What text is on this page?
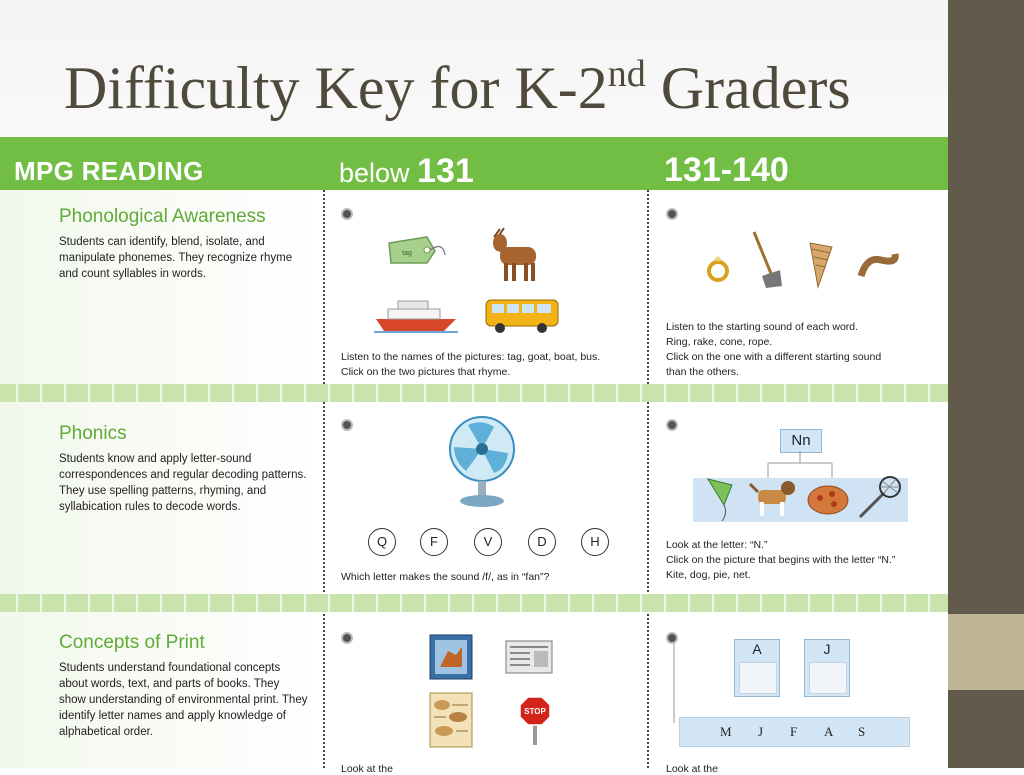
Difficulty Key for K-2nd Graders
MPG READING	below 131	131-140
Phonological Awareness
Students can identify, blend, isolate, and manipulate phonemes. They recognize rhyme and count syllables in words.
tag
Listen to the names of the pictures: tag, goat, boat, bus.
Click on the two pictures that rhyme.
Listen to the starting sound of each word.
Ring, rake, cone, rope.
Click on the one with a different starting sound
than the others.
Phonics
Students know and apply letter-sound correspondences and regular decoding patterns. They use spelling patterns, rhyming, and syllabication rules to decode words.
Q	F	V	D	H
Which letter makes the sound /f/, as in “fan”?
Nn
Look at the letter: “N.”
Click on the picture that begins with the letter “N.”
Kite, dog, pie, net.
Concepts of Print
Students understand foundational concepts about words, text, and parts of books. They show understanding of environmental print. They identify letter names and apply knowledge of alphabetical order.
STOP
Look at the
A	J
M J F A S
Look at the
